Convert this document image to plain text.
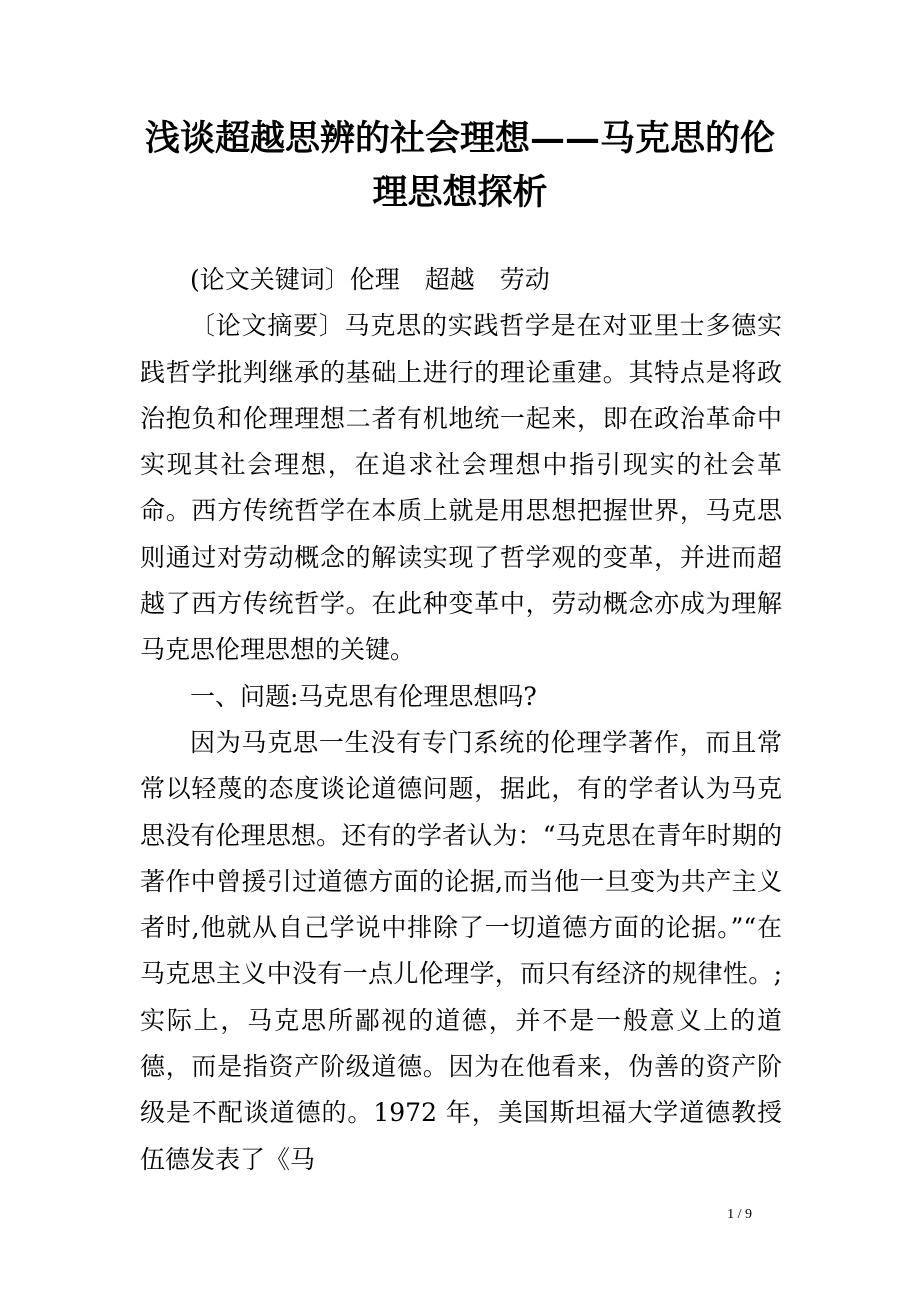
浅谈超越思辨的社会理想——马克思的伦
理思想探析

(论文关键词〕伦理　超越　劳动

〔论文摘要〕马克思的实践哲学是在对亚里士多德实践哲学批判继承的基础上进行的理论重建。其特点是将政治抱负和伦理理想二者有机地统一起来，即在政治革命中实现其社会理想，在追求社会理想中指引现实的社会革命。西方传统哲学在本质上就是用思想把握世界，马克思则通过对劳动概念的解读实现了哲学观的变革，并进而超越了西方传统哲学。在此种变革中，劳动概念亦成为理解马克思伦理思想的关键。

一、问题:马克思有伦理思想吗?

因为马克思一生没有专门系统的伦理学著作，而且常常以轻蔑的态度谈论道德问题，据此，有的学者认为马克思没有伦理思想。还有的学者认为：“马克思在青年时期的著作中曾援引过道德方面的论据,而当他一旦变为共产主义者时,他就从自己学说中排除了一切道德方面的论据。”“在马克思主义中没有一点儿伦理学，而只有经济的规律性。;实际上，马克思所鄙视的道德，并不是一般意义上的道德，而是指资产阶级道德。因为在他看来，伪善的资产阶级是不配谈道德的。1972 年，美国斯坦福大学道德教授伍德发表了《马

1 / 9
